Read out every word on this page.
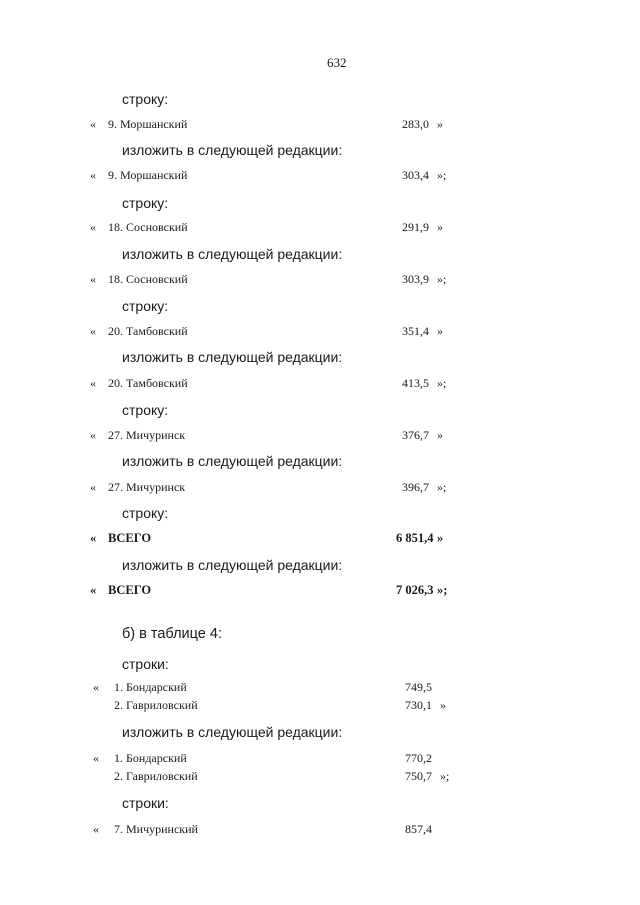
632
строку:
« 9. Моршанский	283,0 »
изложить в следующей редакции:
« 9. Моршанский	303,4 »;
строку:
« 18. Сосновский	291,9 »
изложить в следующей редакции:
« 18. Сосновский	303,9 »;
строку:
« 20. Тамбовский	351,4 »
изложить в следующей редакции:
« 20. Тамбовский	413,5 »;
строку:
« 27. Мичуринск	376,7 »
изложить в следующей редакции:
« 27. Мичуринск	396,7 »;
строку:
« ВСЕГО	6 851,4 »
изложить в следующей редакции:
« ВСЕГО	7 026,3 »;
б) в таблице 4:
строки:
« 1. Бондарский	749,5
2. Гавриловский	730,1 »
изложить в следующей редакции:
« 1. Бондарский	770,2
2. Гавриловский	750,7 »;
строки:
« 7. Мичуринский	857,4
